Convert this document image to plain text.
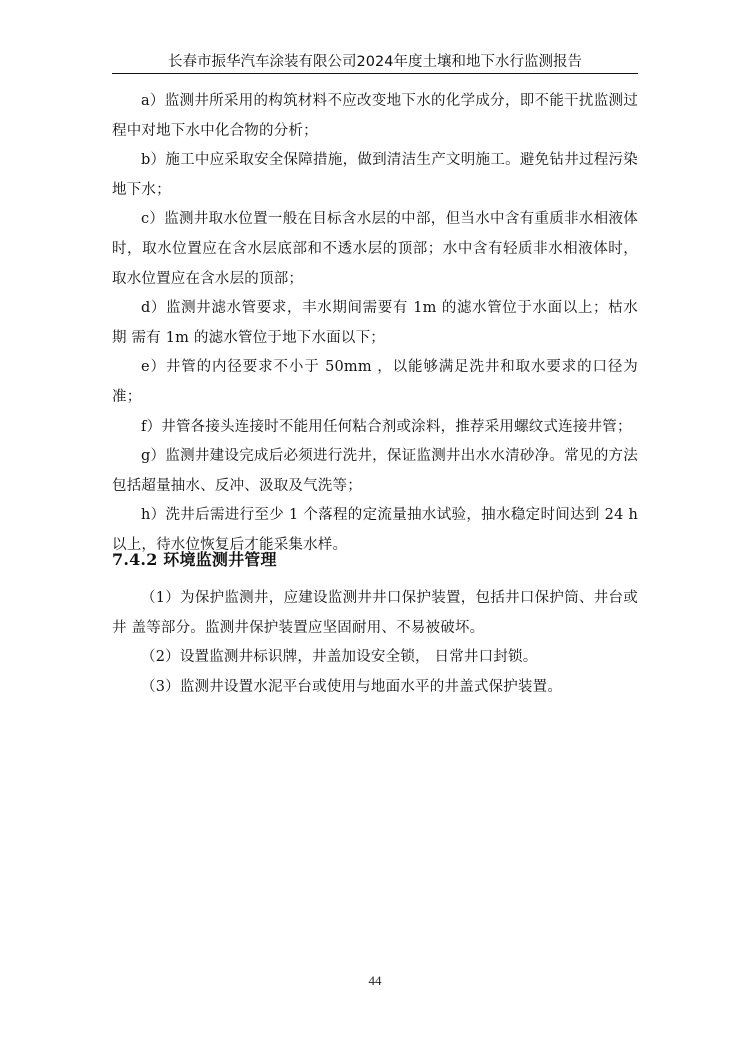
长春市振华汽车涂装有限公司2024年度土壤和地下水行监测报告

a）监测井所采用的构筑材料不应改变地下水的化学成分，即不能干扰监测过 程中对地下水中化合物的分析；

b）施工中应采取安全保障措施，做到清洁生产文明施工。避免钻井过程污染 地下水；

c）监测井取水位置一般在目标含水层的中部，但当水中含有重质非水相液体 时，取水位置应在含水层底部和不透水层的顶部；水中含有轻质非水相液体时，取水位置应在含水层的顶部；

d）监测井滤水管要求，丰水期间需要有 1m 的滤水管位于水面以上；枯水期 需有 1m 的滤水管位于地下水面以下；

e）井管的内径要求不小于 50mm ，以能够满足洗井和取水要求的口径为准；

f）井管各接头连接时不能用任何粘合剂或涂料，推荐采用螺纹式连接井管；

g）监测井建设完成后必须进行洗井，保证监测井出水水清砂净。常见的方法 包括超量抽水、反冲、汲取及气洗等；

h）洗井后需进行至少 1 个落程的定流量抽水试验，抽水稳定时间达到 24 h 以上，待水位恢复后才能采集水样。

7.4.2 环境监测井管理

（1）为保护监测井，应建设监测井井口保护装置，包括井口保护筒、井台或井 盖等部分。监测井保护装置应坚固耐用、不易被破坏。

（2）设置监测井标识牌，井盖加设安全锁， 日常井口封锁。

（3）监测井设置水泥平台或使用与地面水平的井盖式保护装置。

44
